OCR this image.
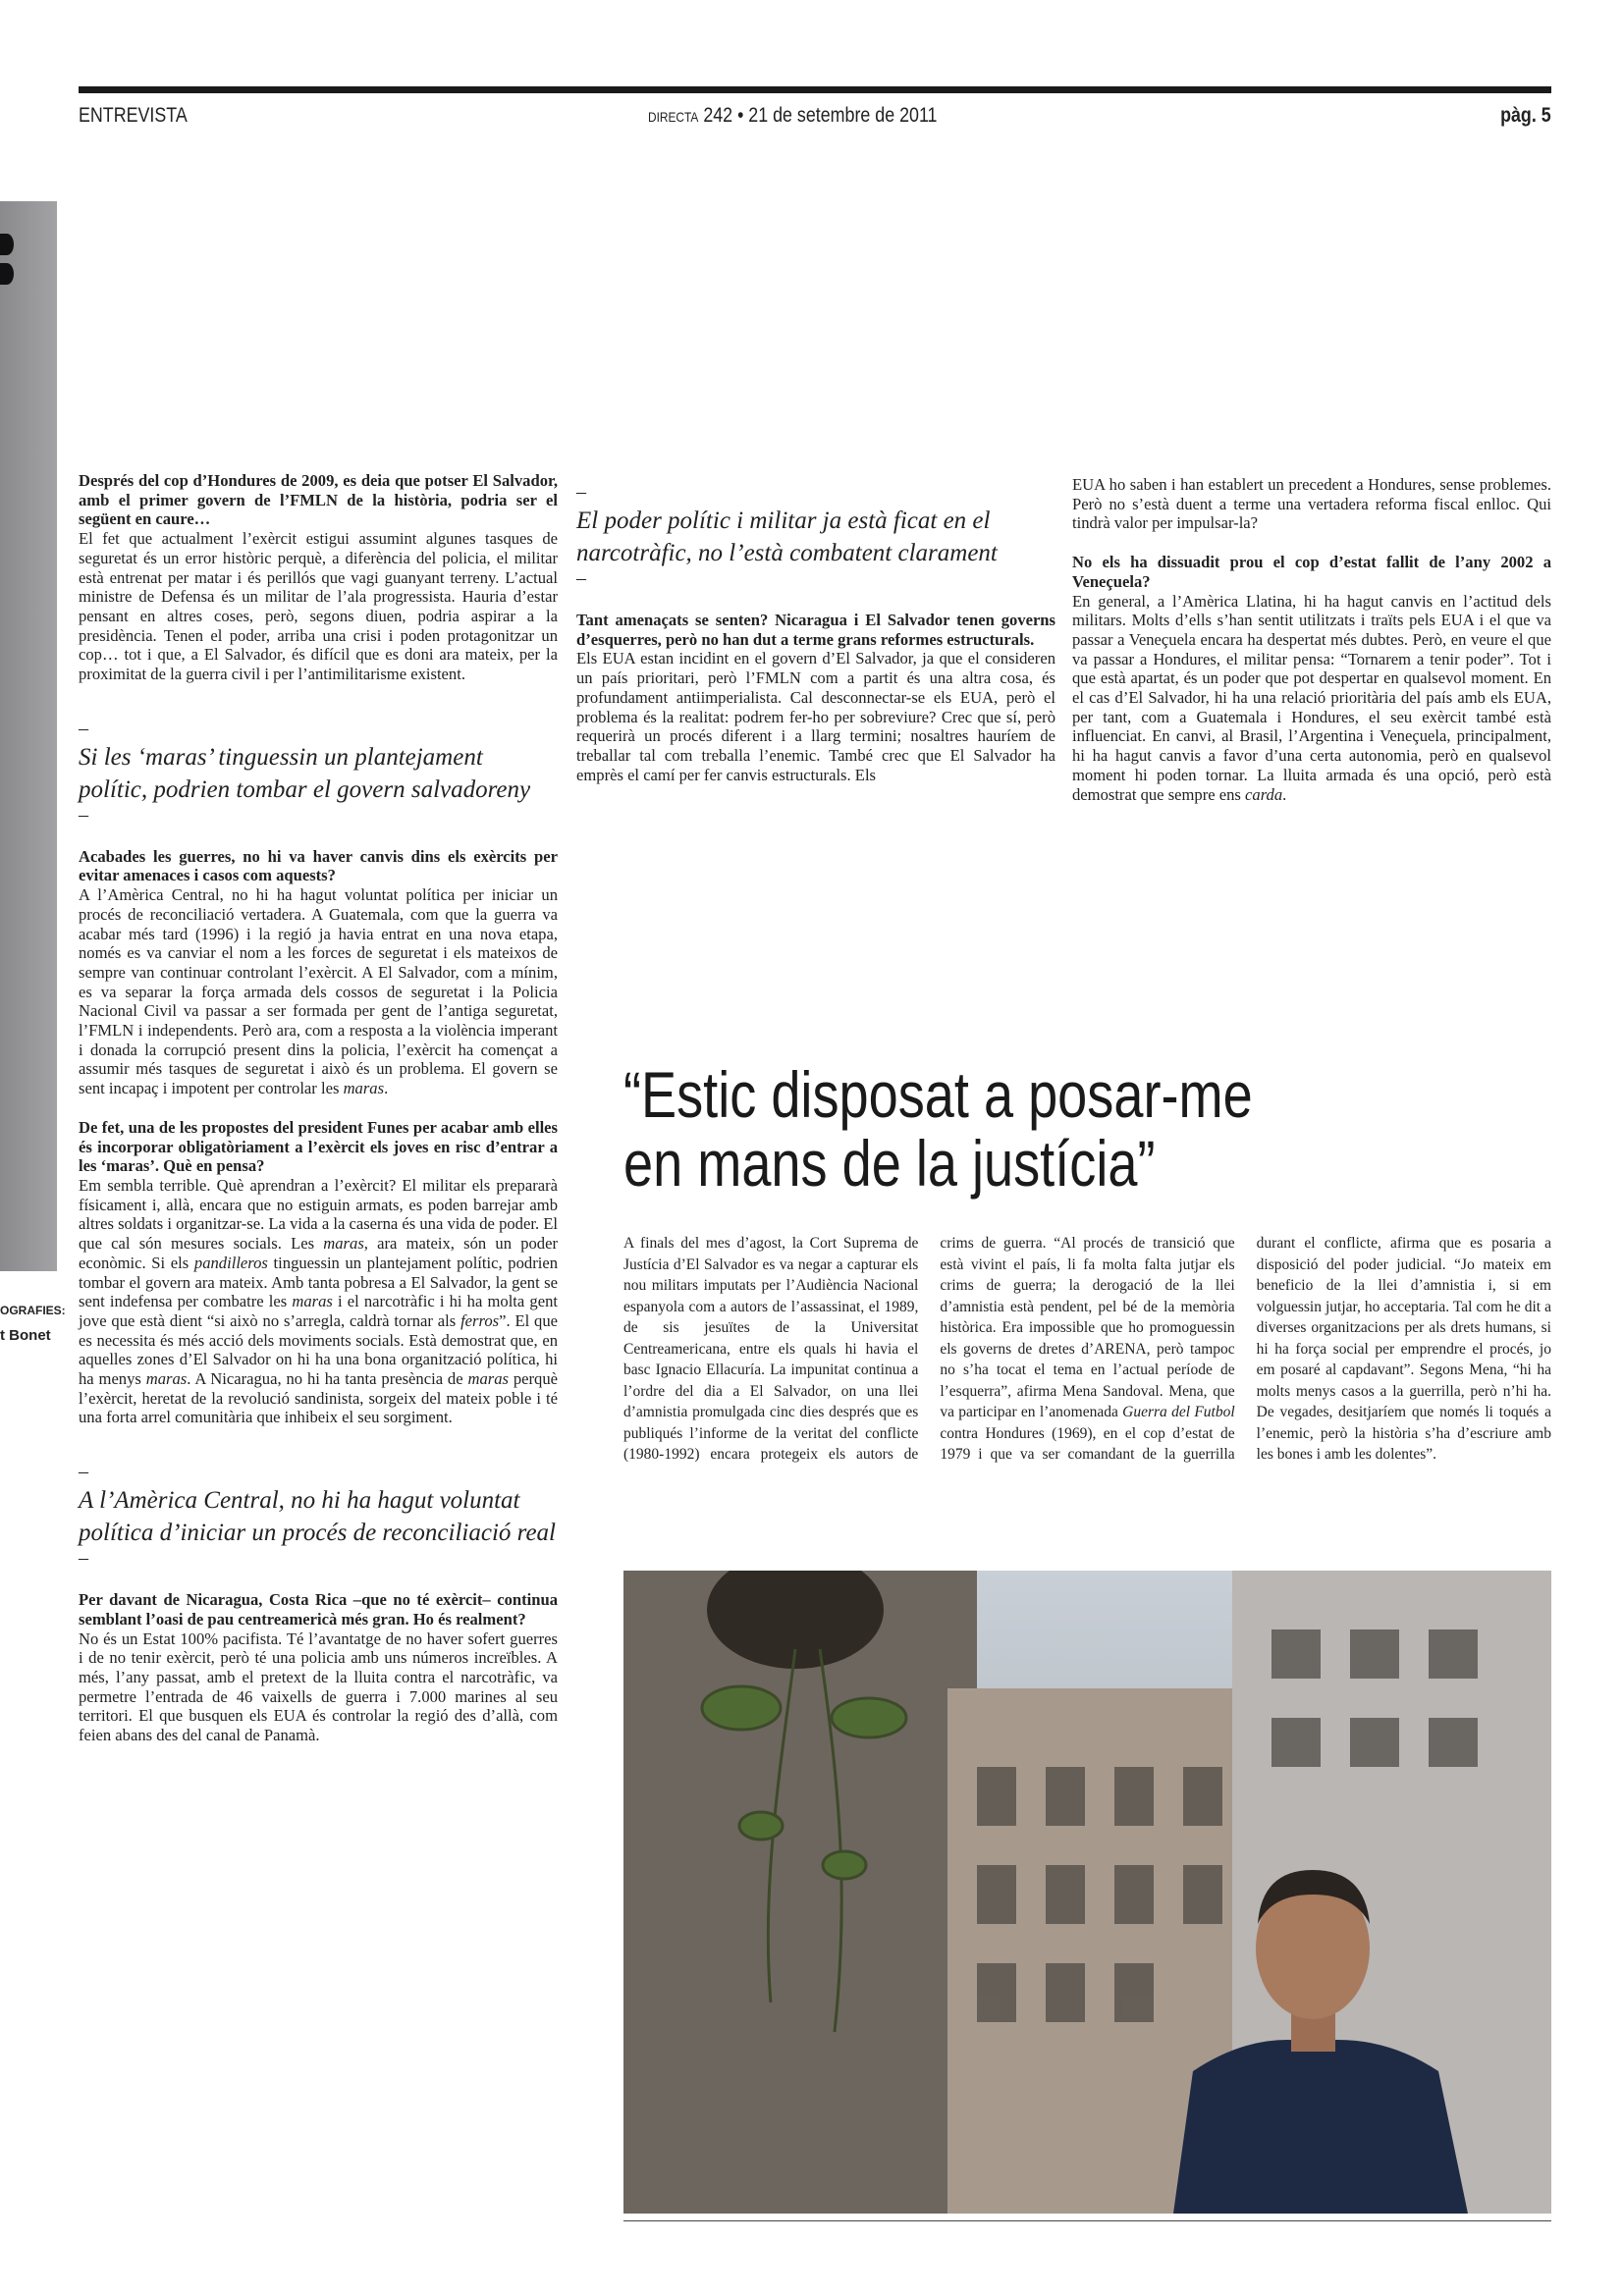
ENTREVISTA	DIRECTA 242 • 21 de setembre de 2011	pàg. 5
OGRAFIES:
t Bonet

Després del cop d’Hondures de 2009, es deia que potser El Salvador, amb el primer govern de l’FMLN de la història, podria ser el següent en caure…

El fet que actualment l’exèrcit estigui assumint algunes tasques de seguretat és un error històric perquè, a diferència del policia, el militar està entrenat per matar i és perillós que vagi guanyant terreny. L’actual ministre de Defensa és un militar de l’ala progressista. Hauria d’estar pensant en altres coses, però, segons diuen, podria aspirar a la presidència. Tenen el poder, arriba una crisi i poden protagonitzar un cop… tot i que, a El Salvador, és difícil que es doni ara mateix, per la proximitat de la guerra civil i per l’antimilitarisme existent.

–

Si les ‘maras’ tinguessin un plantejament polític, podrien tombar el govern salvadoreny

–

Acabades les guerres, no hi va haver canvis dins els exèrcits per evitar amenaces i casos com aquests?

A l’Amèrica Central, no hi ha hagut voluntat política per iniciar un procés de reconciliació vertadera. A Guatemala, com que la guerra va acabar més tard (1996) i la regió ja havia entrat en una nova etapa, només es va canviar el nom a les forces de seguretat i els mateixos de sempre van continuar controlant l’exèrcit. A El Salvador, com a mínim, es va separar la força armada dels cossos de seguretat i la Policia Nacional Civil va passar a ser formada per gent de l’antiga seguretat, l’FMLN i independents. Però ara, com a resposta a la violència imperant i donada la corrupció present dins la policia, l’exèrcit ha començat a assumir més tasques de seguretat i això és un problema. El govern se sent incapaç i impotent per controlar les maras.

De fet, una de les propostes del president Funes per acabar amb elles és incorporar obligatòriament a l’exèrcit els joves en risc d’entrar a les ‘maras’. Què en pensa?

Em sembla terrible. Què aprendran a l’exèrcit? El militar els prepararà físicament i, allà, encara que no estiguin armats, es poden barrejar amb altres soldats i organitzar-se. La vida a la caserna és una vida de poder. El que cal són mesures socials. Les maras, ara mateix, són un poder econòmic. Si els pandilleros tinguessin un plantejament polític, podrien tombar el govern ara mateix. Amb tanta pobresa a El Salvador, la gent se sent indefensa per combatre les maras i el narcotràfic i hi ha molta gent jove que està dient “si això no s’arregla, caldrà tornar als ferros”. El que es necessita és més acció dels moviments socials. Està demostrat que, en aquelles zones d’El Salvador on hi ha una bona organització política, hi ha menys maras. A Nicaragua, no hi ha tanta presència de maras perquè l’exèrcit, heretat de la revolució sandinista, sorgeix del mateix poble i té una forta arrel comunitària que inhibeix el seu sorgiment.

–

A l’Amèrica Central, no hi ha hagut voluntat política d’iniciar un procés de reconciliació real

–

Per davant de Nicaragua, Costa Rica –que no té exèrcit– continua semblant l’oasi de pau centreamericà més gran. Ho és realment?

No és un Estat 100% pacifista. Té l’avantatge de no haver sofert guerres i de no tenir exèrcit, però té una policia amb uns números increïbles. A més, l’any passat, amb el pretext de la lluita contra el narcotràfic, va permetre l’entrada de 46 vaixells de guerra i 7.000 marines al seu territori. El que busquen els EUA és controlar la regió des d’allà, com feien abans des del canal de Panamà.

–

El poder polític i militar ja està ficat en el narcotràfic, no l’està combatent clarament

–

Tant amenaçats se senten? Nicaragua i El Salvador tenen governs d’esquerres, però no han dut a terme grans reformes estructurals.

Els EUA estan incidint en el govern d’El Salvador, ja que el consideren un país prioritari, però l’FMLN com a partit és una altra cosa, és profundament antiimperialista. Cal desconnectar-se els EUA, però el problema és la realitat: podrem fer-ho per sobreviure? Crec que sí, però requerirà un procés diferent i a llarg termini; nosaltres hauríem de treballar tal com treballa l’enemic. També crec que El Salvador ha emprès el camí per fer canvis estructurals. Els

EUA ho saben i han establert un precedent a Hondures, sense problemes. Però no s’està duent a terme una vertadera reforma fiscal enlloc. Qui tindrà valor per impulsar-la?

No els ha dissuadit prou el cop d’estat fallit de l’any 2002 a Veneçuela?

En general, a l’Amèrica Llatina, hi ha hagut canvis en l’actitud dels militars. Molts d’ells s’han sentit utilitzats i traïts pels EUA i el que va passar a Veneçuela encara ha despertat més dubtes. Però, en veure el que va passar a Hondures, el militar pensa: “Tornarem a tenir poder”. Tot i que està apartat, és un poder que pot despertar en qualsevol moment. En el cas d’El Salvador, hi ha una relació prioritària del país amb els EUA, per tant, com a Guatemala i Hondures, el seu exèrcit també està influenciat. En canvi, al Brasil, l’Argentina i Veneçuela, principalment, hi ha hagut canvis a favor d’una certa autonomia, però en qualsevol moment hi poden tornar. La lluita armada és una opció, però està demostrat que sempre ens carda.

“Estic disposat a posar-me
en mans de la justícia”
A finals del mes d’agost, la Cort Suprema de Justícia d’El Salvador es va negar a capturar els nou militars imputats per l’Audiència Nacional espanyola com a autors de l’assassinat, el 1989, de sis jesuïtes de la Universitat Centreamericana, entre els quals hi havia el basc Ignacio Ellacuría. La impunitat continua a l’ordre del dia a El Salvador, on una llei d’amnistia promulgada cinc dies després que es publiqués l’informe de la veritat del conflicte (1980-1992) encara protegeix els autors de crims de guerra. “Al procés de transició que està vivint el país, li fa molta falta jutjar els crims de guerra; la derogació de la llei d’amnistia està pendent, pel bé de la memòria històrica. Era impossible que ho promoguessin els governs de dretes d’ARENA, però tampoc no s’ha tocat el tema en l’actual període de l’esquerra”, afirma Mena Sandoval. Mena, que va participar en l’anomenada Guerra del Futbol contra Hondures (1969), en el cop d’estat de 1979 i que va ser comandant de la guerrilla durant el conflicte, afirma que es posaria a disposició del poder judicial. “Jo mateix em beneficio de la llei d’amnistia i, si em volguessin jutjar, ho acceptaria. Tal com he dit a diverses organitzacions per als drets humans, si hi ha força social per emprendre el procés, jo em posaré al capdavant”. Segons Mena, “hi ha molts menys casos a la guerrilla, però n’hi ha. De vegades, desitjaríem que només li toqués a l’enemic, però la història s’ha d’escriure amb les bones i amb les dolentes”.
